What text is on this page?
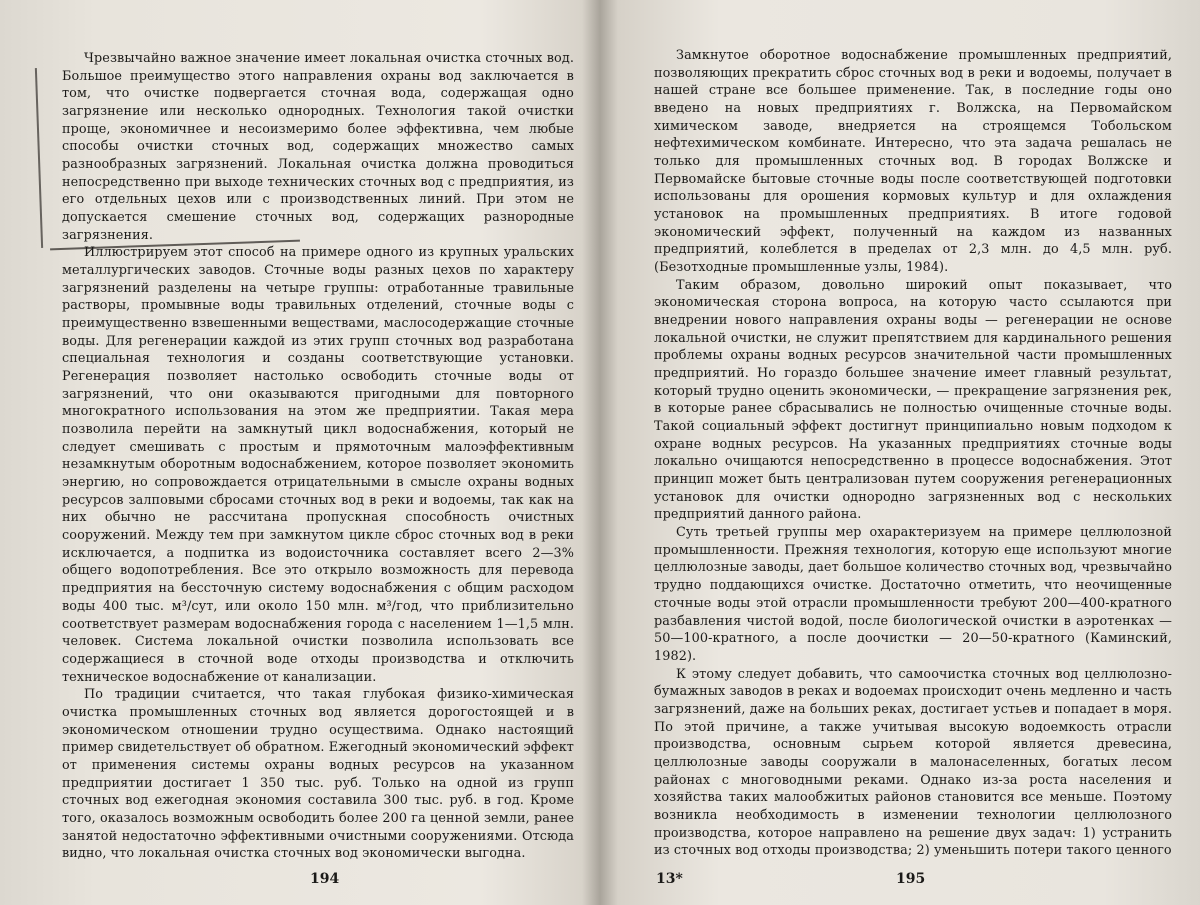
Чрезвычайно важное значение имеет локальная очистка сточных вод. Большое преимущество этого направления охраны вод заключается в том, что очистке подвергается сточная вода, содержащая одно загрязнение или несколько однородных. Технология такой очистки проще, экономичнее и несоизмеримо более эффективна, чем любые способы очистки сточных вод, содержащих множество самых разнообразных загрязнений. Локальная очистка должна проводиться непосредственно при выходе технических сточных вод с предприятия, из его отдельных цехов или с производственных линий. При этом не допускается смешение сточных вод, содержащих разнородные загрязнения.

Иллюстрируем этот способ на примере одного из крупных уральских металлургических заводов. Сточные воды разных цехов по характеру загрязнений разделены на четыре группы: отработанные травильные растворы, промывные воды травильных отделений, сточные воды с преимущественно взвешенными веществами, маслосодержащие сточные воды. Для регенерации каждой из этих групп сточных вод разработана специальная технология и созданы соответствующие установки. Регенерация позволяет настолько освободить сточные воды от загрязнений, что они оказываются пригодными для повторного многократного использования на этом же предприятии. Такая мера позволила перейти на замкнутый цикл водоснабжения, который не следует смешивать с простым и прямоточным малоэффективным незамкнутым оборотным водоснабжением, которое позволяет экономить энергию, но сопровождается отрицательными в смысле охраны водных ресурсов залповыми сбросами сточных вод в реки и водоемы, так как на них обычно не рассчитана пропускная способность очистных сооружений. Между тем при замкнутом цикле сброс сточных вод в реки исключается, а подпитка из водоисточника составляет всего 2—3% общего водопотребления. Все это открыло возможность для перевода предприятия на бессточную систему водоснабжения с общим расходом воды 400 тыс. м³/сут, или около 150 млн. м³/год, что приблизительно соответствует размерам водоснабжения города с населением 1—1,5 млн. человек. Система локальной очистки позволила использовать все содержащиеся в сточной воде отходы производства и отключить техническое водоснабжение от канализации.

По традиции считается, что такая глубокая физико-химическая очистка промышленных сточных вод является дорогостоящей и в экономическом отношении трудно осуществима. Однако настоящий пример свидетельствует об обратном. Ежегодный экономический эффект от применения системы охраны водных ресурсов на указанном предприятии достигает 1 350 тыс. руб. Только на одной из групп сточных вод ежегодная экономия составила 300 тыс. руб. в год. Кроме того, оказалось возможным освободить более 200 га ценной земли, ранее занятой недостаточно эффективными очистными сооружениями. Отсюда видно, что локальная очистка сточных вод экономически выгодна.

194

Замкнутое оборотное водоснабжение промышленных предприятий, позволяющих прекратить сброс сточных вод в реки и водоемы, получает в нашей стране все большее применение. Так, в последние годы оно введено на новых предприятиях г. Волжска, на Первомайском химическом заводе, внедряется на строящемся Тобольском нефтехимическом комбинате. Интересно, что эта задача решалась не только для промышленных сточных вод. В городах Волжске и Первомайске бытовые сточные воды после соответствующей подготовки использованы для орошения кормовых культур и для охлаждения установок на промышленных предприятиях. В итоге годовой экономический эффект, полученный на каждом из названных предприятий, колеблется в пределах от 2,3 млн. до 4,5 млн. руб. (Безотходные промышленные узлы, 1984).

Таким образом, довольно широкий опыт показывает, что экономическая сторона вопроса, на которую часто ссылаются при внедрении нового направления охраны воды — регенерации не основе локальной очистки, не служит препятствием для кардинального решения проблемы охраны водных ресурсов значительной части промышленных предприятий. Но гораздо большее значение имеет главный результат, который трудно оценить экономически, — прекращение загрязнения рек, в которые ранее сбрасывались не полностью очищенные сточные воды. Такой социальный эффект достигнут принципиально новым подходом к охране водных ресурсов. На указанных предприятиях сточные воды локально очищаются непосредственно в процессе водоснабжения. Этот принцип может быть централизован путем сооружения регенерационных установок для очистки однородно загрязненных вод с нескольких предприятий данного района.

Суть третьей группы мер охарактеризуем на примере целлюлозной промышленности. Прежняя технология, которую еще используют многие целлюлозные заводы, дает большое количество сточных вод, чрезвычайно трудно поддающихся очистке. Достаточно отметить, что неочищенные сточные воды этой отрасли промышленности требуют 200—400-кратного разбавления чистой водой, после биологической очистки в аэротенках — 50—100-кратного, а после доочистки — 20—50-кратного (Каминский, 1982).

К этому следует добавить, что самоочистка сточных вод целлюлозно-бумажных заводов в реках и водоемах происходит очень медленно и часть загрязнений, даже на больших реках, достигает устьев и попадает в моря. По этой причине, а также учитывая высокую водоемкость отрасли производства, основным сырьем которой является древесина, целлюлозные заводы сооружали в малонаселенных, богатых лесом районах с многоводными реками. Однако из-за роста населения и хозяйства таких малообжитых районов становится все меньше. Поэтому возникла необходимость в изменении технологии целлюлозного производства, которое направлено на решение двух задач: 1) устранить из сточных вод отходы производства; 2) уменьшить потери такого ценного

13*	195
